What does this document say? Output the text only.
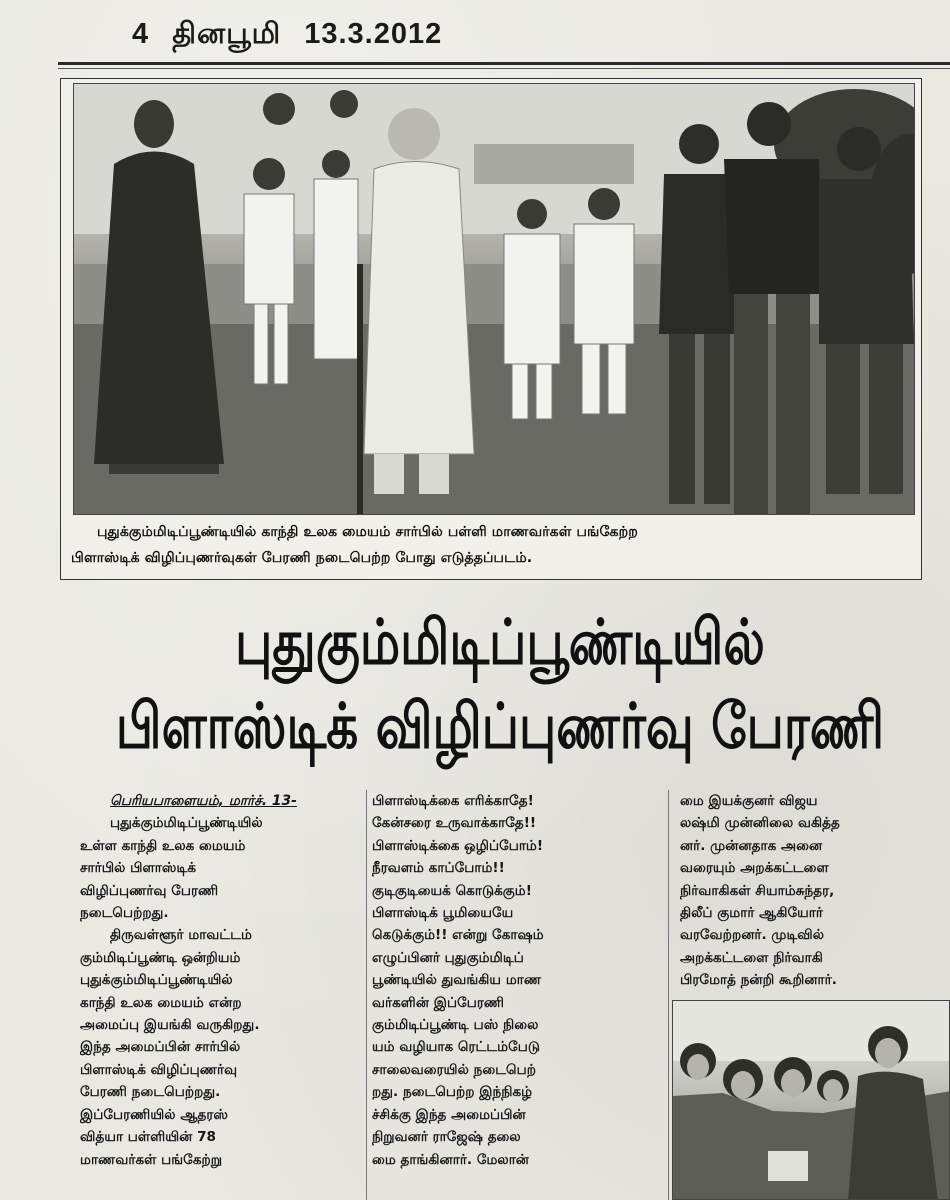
4 தினபூமி 13.3.2012
புதுக்கும்மிடிப்பூண்டியில் காந்தி உலக மையம் சார்பில் பள்ளி மாணவர்கள் பங்கேற்ற
பிளாஸ்டிக் விழிப்புணர்வுகள் பேரணி நடைபெற்ற போது எடுத்தப்படம்.
புதுகும்மிடிப்பூண்டியில்
பிளாஸ்டிக் விழிப்புணர்வு பேரணி
பெரியபாளையம், மார்ச். 13-
புதுக்கும்மிடிப்பூண்டியில்
உள்ள காந்தி உலக மையம்
சார்பில் பிளாஸ்டிக்
விழிப்புணர்வு பேரணி
நடைபெற்றது.
திருவள்ளூர் மாவட்டம்
கும்மிடிப்பூண்டி ஒன்றியம்
புதுக்கும்மிடிப்பூண்டியில்
காந்தி உலக மையம் என்ற
அமைப்பு இயங்கி வருகிறது.
இந்த அமைப்பின் சார்பில்
பிளாஸ்டிக் விழிப்புணர்வு
பேரணி நடைபெற்றது.
இப்பேரணியில் ஆதரஸ்
வித்யா பள்ளியின் 78
மாணவர்கள் பங்கேற்று
பிளாஸ்டிக்கை எரிக்காதே!
கேன்சரை உருவாக்காதே!!
பிளாஸ்டிக்கை ஒழிப்போம்!
நீரவளம் காப்போம்!!
குடிகுடியைக் கொடுக்கும்!
பிளாஸ்டிக் பூமியையே
கெடுக்கும்!! என்று கோஷம்
எழுப்பினர் புதுகும்மிடிப்
பூண்டியில் துவங்கிய மாண
வர்களின் இப்பேரணி
கும்மிடிப்பூண்டி பஸ் நிலை
யம் வழியாக ரெட்டம்பேடு
சாலைவரையில் நடைபெற்
றது. நடைபெற்ற இந்நிகழ்
ச்சிக்கு இந்த அமைப்பின்
நிறுவனர் ராஜேஷ் தலை
மை தாங்கினார். மேலான்
மை இயக்குனர் விஜய
லஷ்மி முன்னிலை வகித்த
னர். முன்னதாக அனை
வரையும் அறக்கட்டளை
நிர்வாகிகள் சியாம்சுந்தர,
திலீப் குமார் ஆகியோர்
வரவேற்றனர். முடிவில்
அறக்கட்டளை நிர்வாகி
பிரமோத் நன்றி கூறினார்.
